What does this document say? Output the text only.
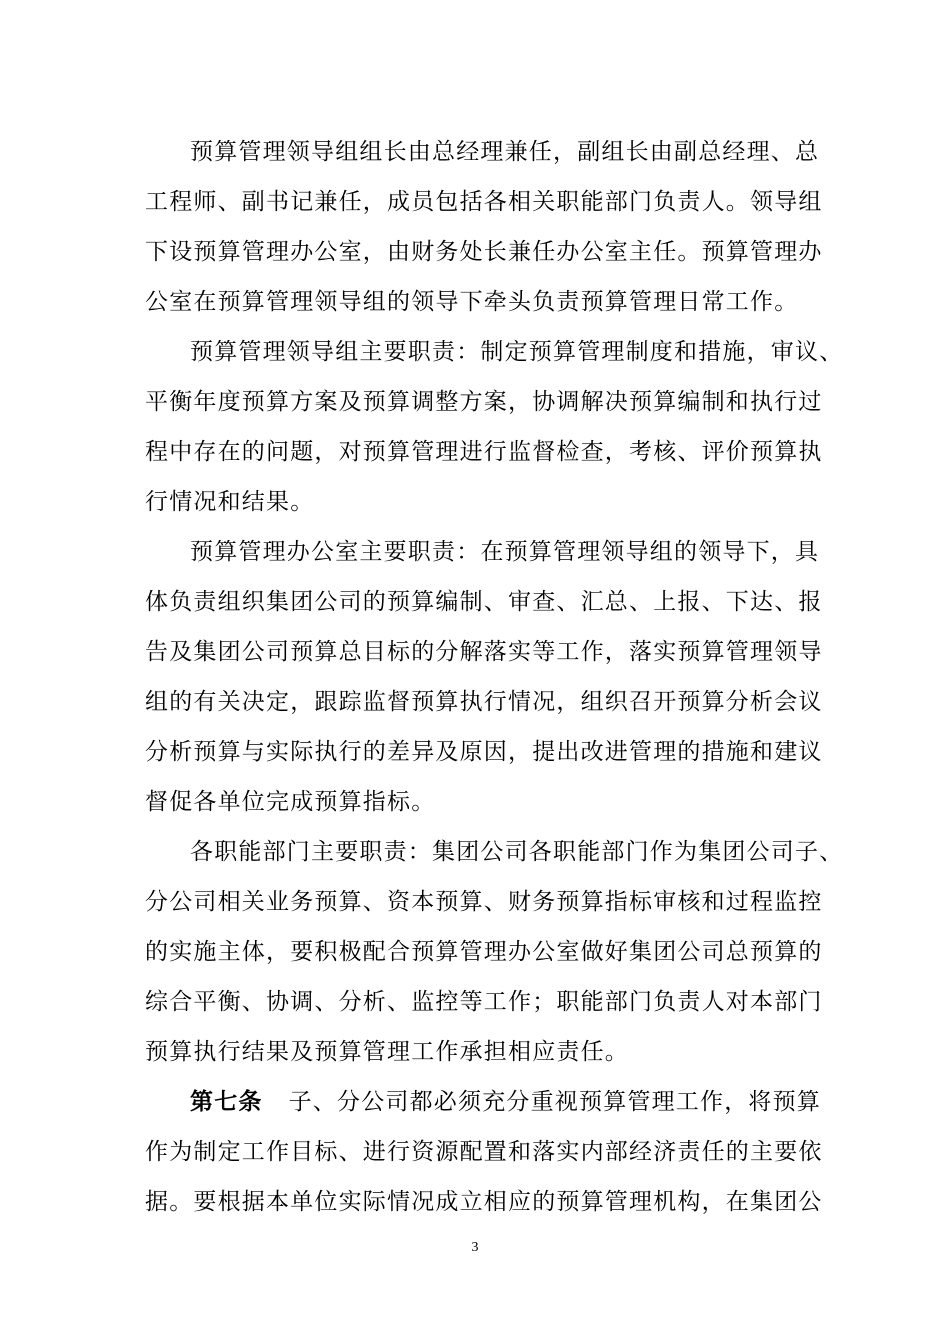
预算管理领导组组长由总经理兼任，副组长由副总经理、总
工程师、副书记兼任，成员包括各相关职能部门负责人。领导组
下设预算管理办公室，由财务处长兼任办公室主任。预算管理办
公室在预算管理领导组的领导下牵头负责预算管理日常工作。
预算管理领导组主要职责：制定预算管理制度和措施，审议、
平衡年度预算方案及预算调整方案，协调解决预算编制和执行过
程中存在的问题，对预算管理进行监督检查，考核、评价预算执
行情况和结果。
预算管理办公室主要职责：在预算管理领导组的领导下，具
体负责组织集团公司的预算编制、审查、汇总、上报、下达、报
告及集团公司预算总目标的分解落实等工作，落实预算管理领导
组的有关决定，跟踪监督预算执行情况，组织召开预算分析会议
分析预算与实际执行的差异及原因，提出改进管理的措施和建议
督促各单位完成预算指标。
各职能部门主要职责：集团公司各职能部门作为集团公司子、
分公司相关业务预算、资本预算、财务预算指标审核和过程监控
的实施主体，要积极配合预算管理办公室做好集团公司总预算的
综合平衡、协调、分析、监控等工作；职能部门负责人对本部门
预算执行结果及预算管理工作承担相应责任。
第七条 子、分公司都必须充分重视预算管理工作，将预算
作为制定工作目标、进行资源配置和落实内部经济责任的主要依
据。要根据本单位实际情况成立相应的预算管理机构，在集团公
3
